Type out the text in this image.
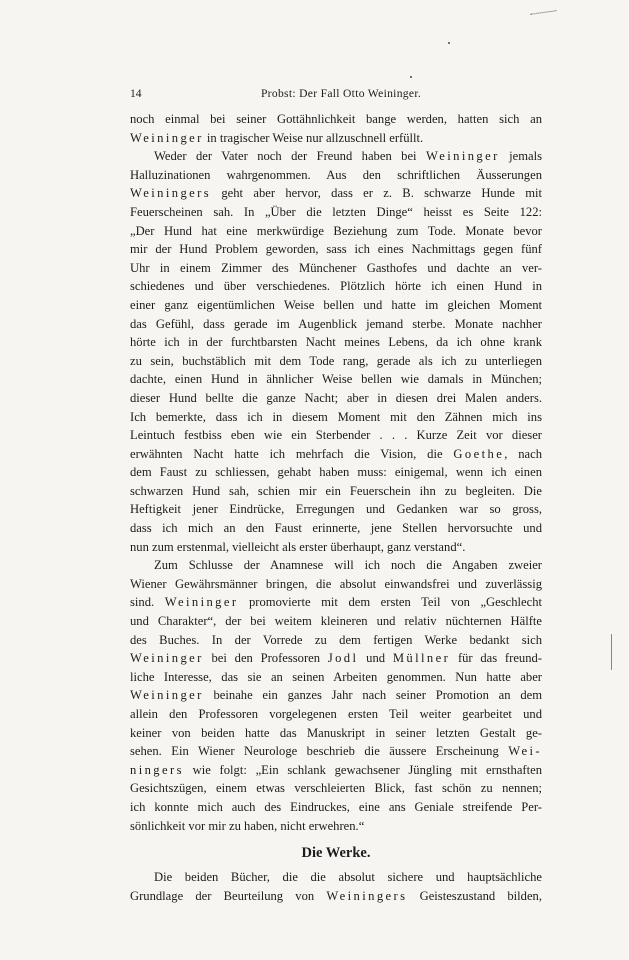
14	Probst: Der Fall Otto Weininger.
noch einmal bei seiner Gottähnlichkeit bange werden, hatten sich an
Weininger in tragischer Weise nur allzuschnell erfüllt.
Weder der Vater noch der Freund haben bei Weininger jemals
Halluzinationen wahrgenommen. Aus den schriftlichen Äusserungen
Weiningers geht aber hervor, dass er z. B. schwarze Hunde mit
Feuerscheinen sah. In „Über die letzten Dinge“ heisst es Seite 122:
„Der Hund hat eine merkwürdige Beziehung zum Tode. Monate bevor
mir der Hund Problem geworden, sass ich eines Nachmittags gegen fünf
Uhr in einem Zimmer des Münchener Gasthofes und dachte an ver-
schiedenes und über verschiedenes. Plötzlich hörte ich einen Hund in
einer ganz eigentümlichen Weise bellen und hatte im gleichen Moment
das Gefühl, dass gerade im Augenblick jemand sterbe. Monate nachher
hörte ich in der furchtbarsten Nacht meines Lebens, da ich ohne krank
zu sein, buchstäblich mit dem Tode rang, gerade als ich zu unterliegen
dachte, einen Hund in ähnlicher Weise bellen wie damals in München;
dieser Hund bellte die ganze Nacht; aber in diesen drei Malen anders.
Ich bemerkte, dass ich in diesem Moment mit den Zähnen mich ins
Leintuch festbiss eben wie ein Sterbender . . . Kurze Zeit vor dieser
erwähnten Nacht hatte ich mehrfach die Vision, die Goethe, nach
dem Faust zu schliessen, gehabt haben muss: einigemal, wenn ich einen
schwarzen Hund sah, schien mir ein Feuerschein ihn zu begleiten. Die
Heftigkeit jener Eindrücke, Erregungen und Gedanken war so gross,
dass ich mich an den Faust erinnerte, jene Stellen hervorsuchte und
nun zum erstenmal, vielleicht als erster überhaupt, ganz verstand“.
Zum Schlusse der Anamnese will ich noch die Angaben zweier
Wiener Gewährsmänner bringen, die absolut einwandsfrei und zuverlässig
sind. Weininger promovierte mit dem ersten Teil von „Geschlecht
und Charakter“, der bei weitem kleineren und relativ nüchternen Hälfte
des Buches. In der Vorrede zu dem fertigen Werke bedankt sich
Weininger bei den Professoren Jodl und Müllner für das freund-
liche Interesse, das sie an seinen Arbeiten genommen. Nun hatte aber
Weininger beinahe ein ganzes Jahr nach seiner Promotion an dem
allein den Professoren vorgelegenen ersten Teil weiter gearbeitet und
keiner von beiden hatte das Manuskript in seiner letzten Gestalt ge-
sehen. Ein Wiener Neurologe beschrieb die äussere Erscheinung Wei-
ningers wie folgt: „Ein schlank gewachsener Jüngling mit ernsthaften
Gesichtszügen, einem etwas verschleierten Blick, fast schön zu nennen;
ich konnte mich auch des Eindruckes, eine ans Geniale streifende Per-
sönlichkeit vor mir zu haben, nicht erwehren.“
Die Werke.
Die beiden Bücher, die die absolut sichere und hauptsächliche
Grundlage der Beurteilung von Weiningers Geisteszustand bilden,
